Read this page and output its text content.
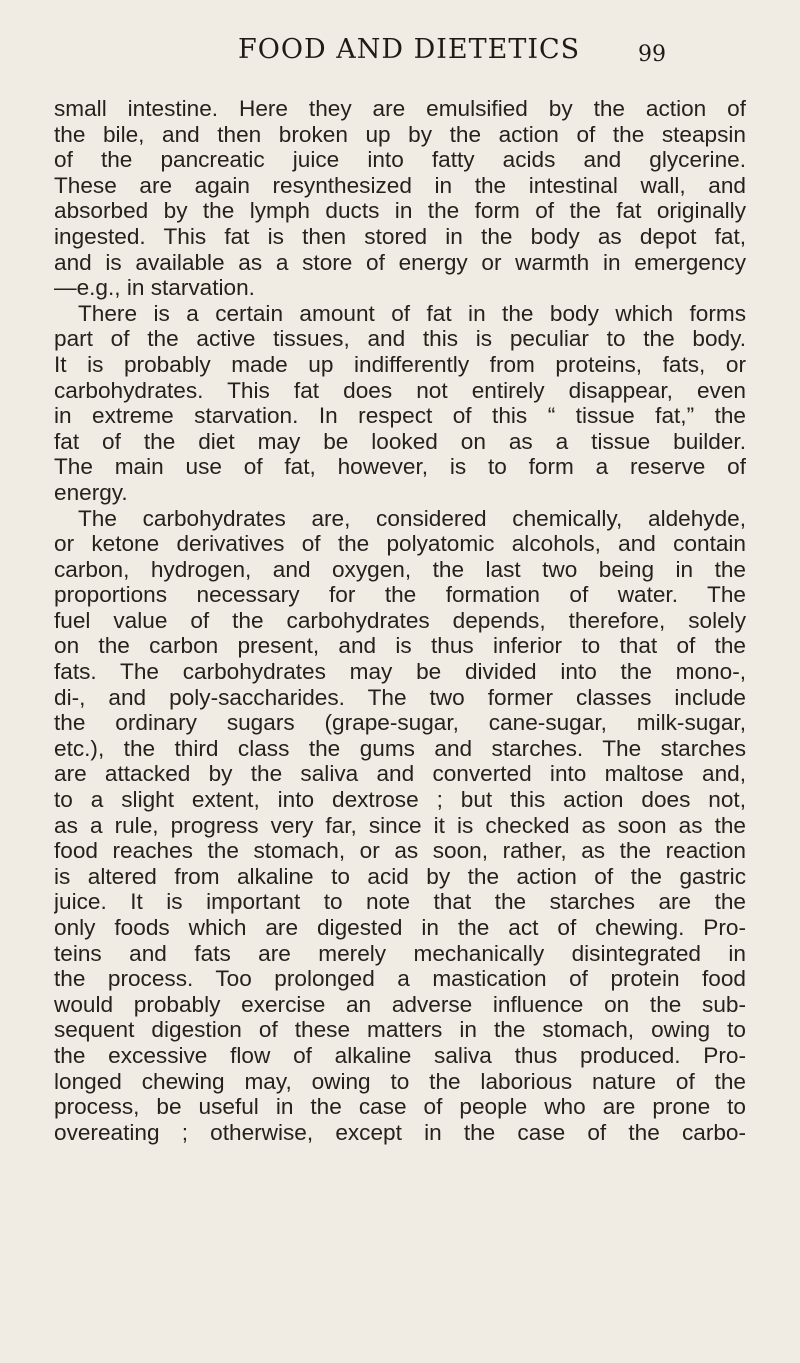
FOOD AND DIETETICS	99
small intestine. Here they are emulsified by the action of
the bile, and then broken up by the action of the steapsin
of the pancreatic juice into fatty acids and glycerine.
These are again resynthesized in the intestinal wall, and
absorbed by the lymph ducts in the form of the fat originally
ingested. This fat is then stored in the body as depot fat,
and is available as a store of energy or warmth in emergency
—e.g., in starvation.
There is a certain amount of fat in the body which forms
part of the active tissues, and this is peculiar to the body.
It is probably made up indifferently from proteins, fats, or
carbohydrates. This fat does not entirely disappear, even
in extreme starvation. In respect of this “ tissue fat,” the
fat of the diet may be looked on as a tissue builder.
The main use of fat, however, is to form a reserve of
energy.
The carbohydrates are, considered chemically, aldehyde,
or ketone derivatives of the polyatomic alcohols, and contain
carbon, hydrogen, and oxygen, the last two being in the
proportions necessary for the formation of water. The
fuel value of the carbohydrates depends, therefore, solely
on the carbon present, and is thus inferior to that of the
fats. The carbohydrates may be divided into the mono-,
di-, and poly-saccharides. The two former classes include
the ordinary sugars (grape-sugar, cane-sugar, milk-sugar,
etc.), the third class the gums and starches. The starches
are attacked by the saliva and converted into maltose and,
to a slight extent, into dextrose ; but this action does not,
as a rule, progress very far, since it is checked as soon as the
food reaches the stomach, or as soon, rather, as the reaction
is altered from alkaline to acid by the action of the gastric
juice. It is important to note that the starches are the
only foods which are digested in the act of chewing. Pro-
teins and fats are merely mechanically disintegrated in
the process. Too prolonged a mastication of protein food
would probably exercise an adverse influence on the sub-
sequent digestion of these matters in the stomach, owing to
the excessive flow of alkaline saliva thus produced. Pro-
longed chewing may, owing to the laborious nature of the
process, be useful in the case of people who are prone to
overeating ; otherwise, except in the case of the carbo-
